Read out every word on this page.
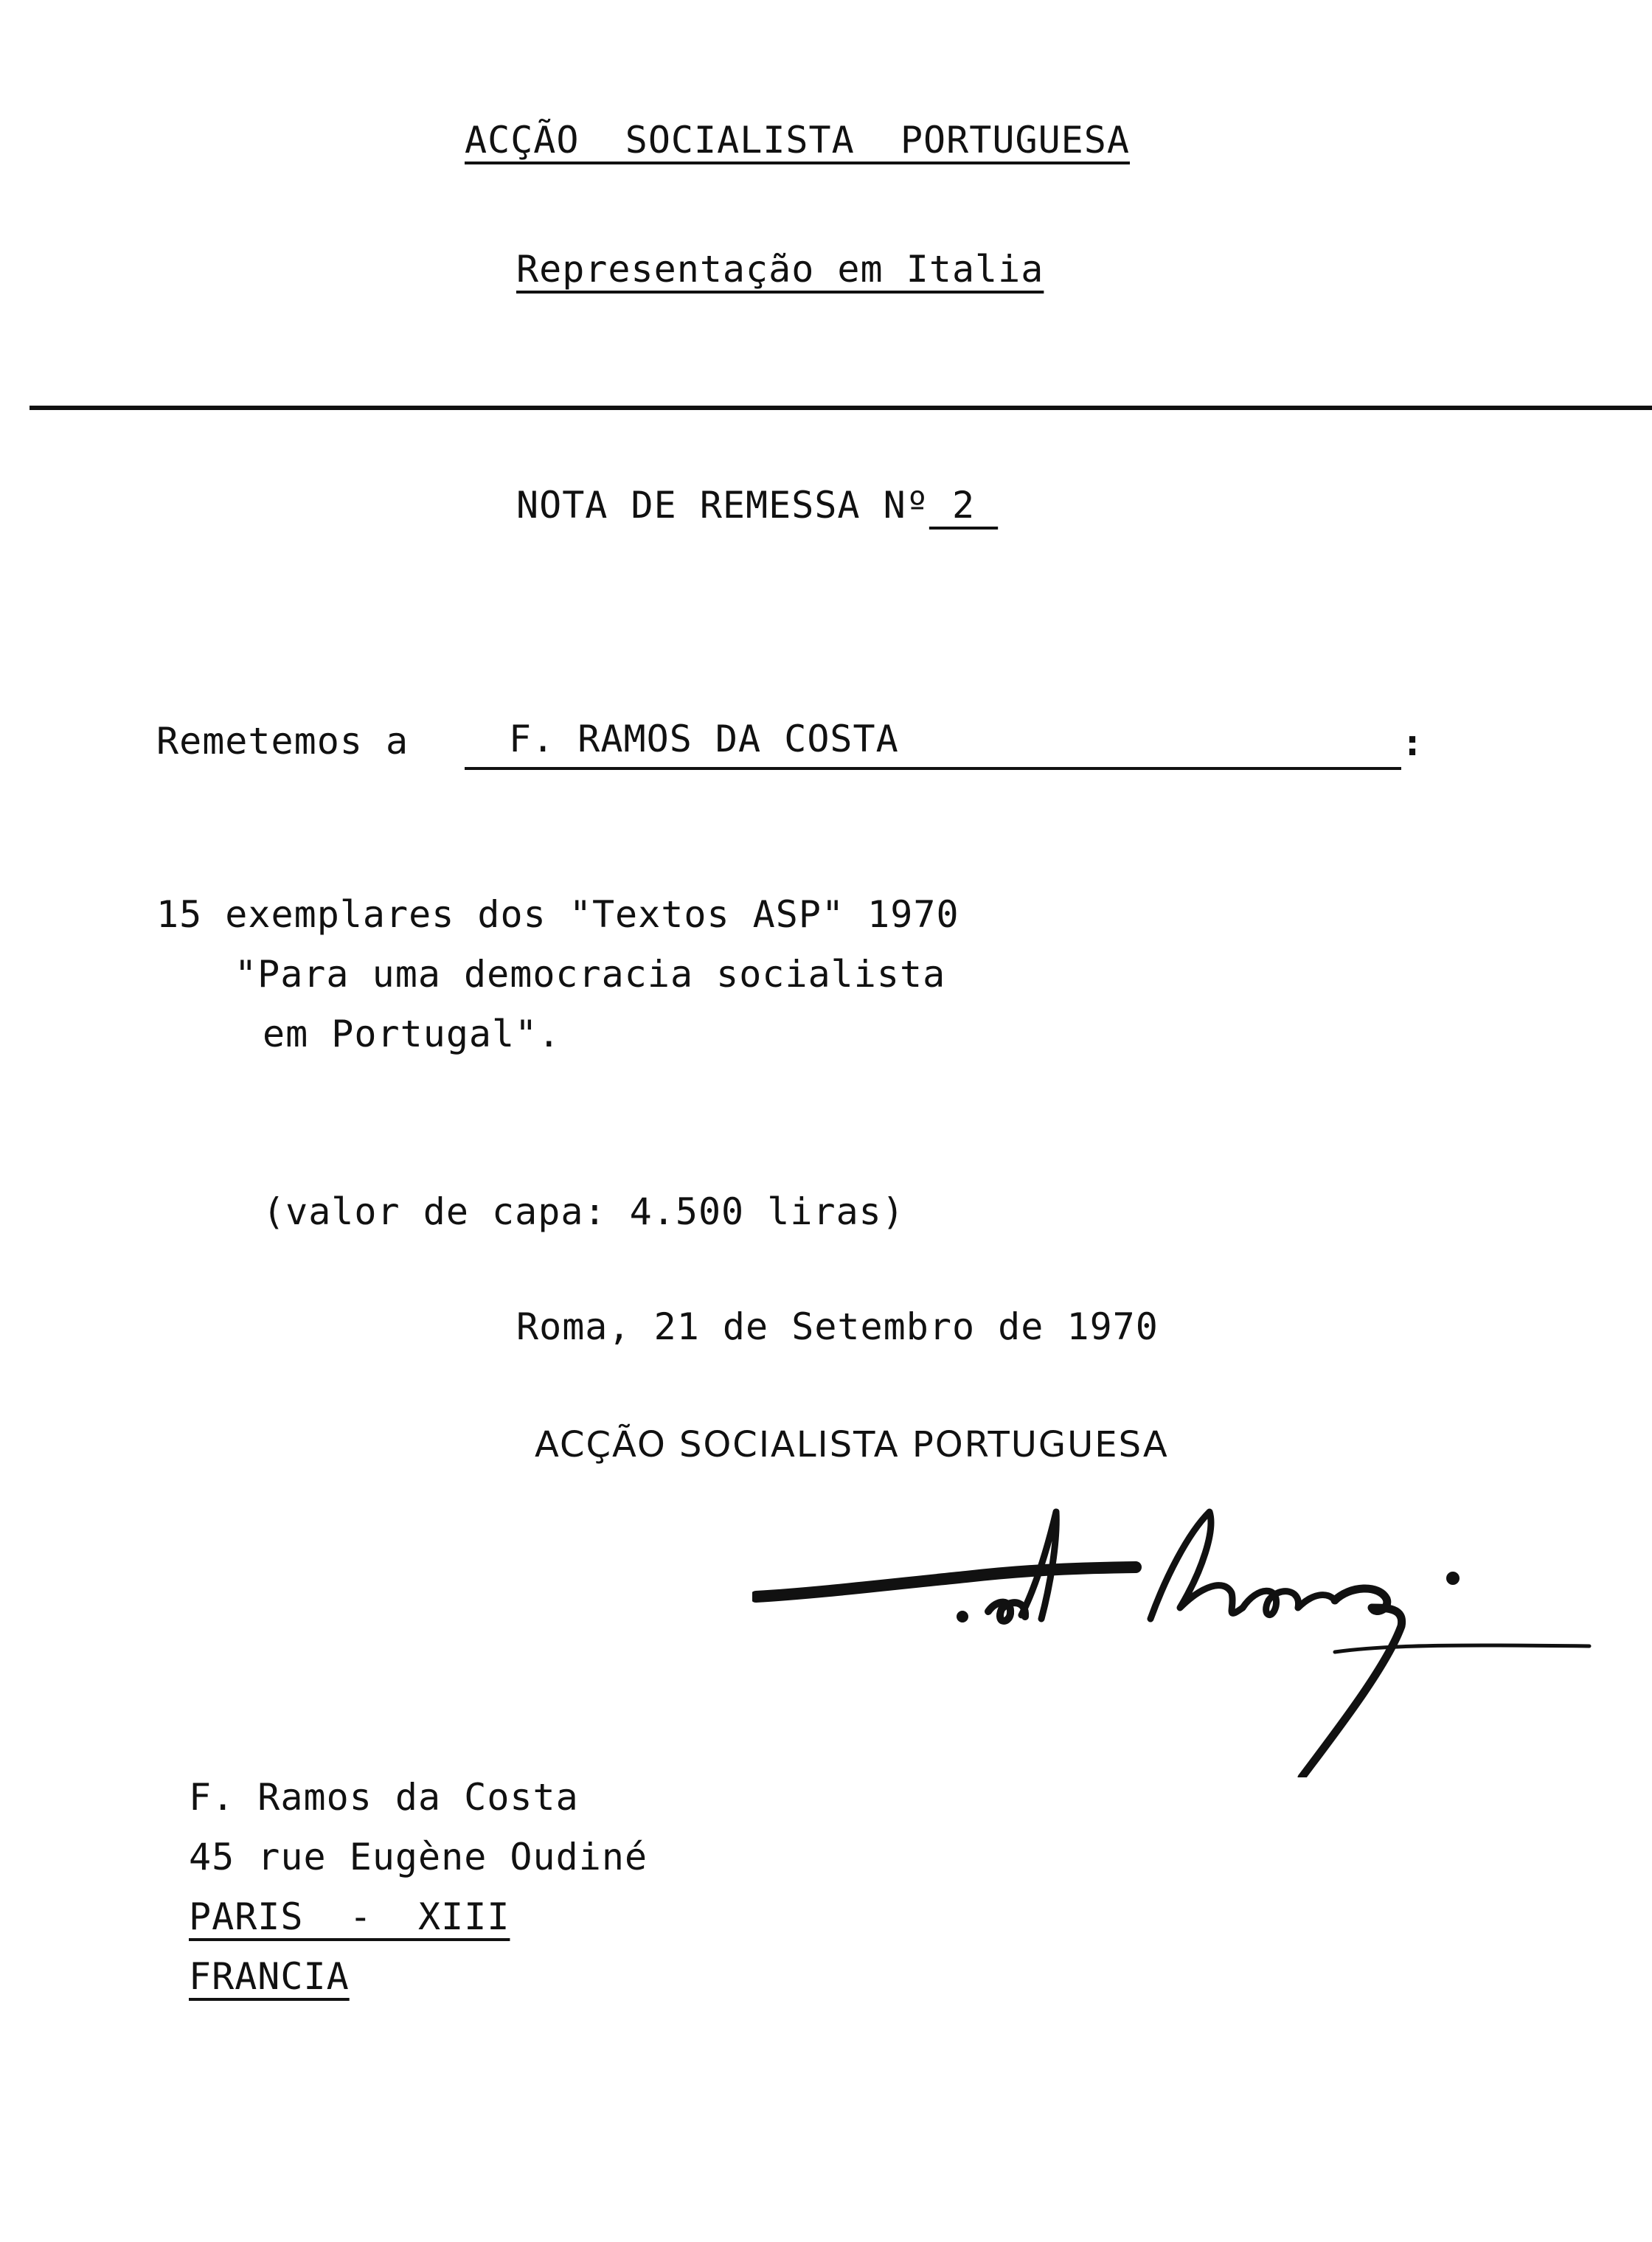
ACÇÃO  SOCIALISTA  PORTUGUESA
Representação em Italia
NOTA DE REMESSA Nº 2
Remetemos a	F. RAMOS DA COSTA	:
15 exemplares dos "Textos ASP" 1970
"Para uma democracia socialista
em Portugal".
(valor de capa: 4.500 liras)
Roma, 21 de Setembro de 1970
ACÇÃO SOCIALISTA PORTUGUESA
F. Ramos da Costa
45 rue Eugène Oudiné
PARIS  -  XIII
FRANCIA
